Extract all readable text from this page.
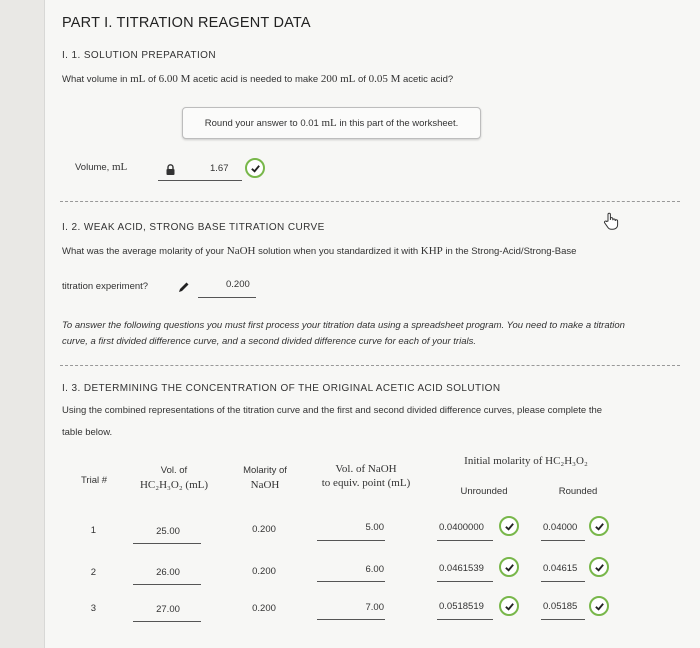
PART I. TITRATION REAGENT DATA
I. 1. SOLUTION PREPARATION
What volume in mL of 6.00 M acetic acid is needed to make 200 mL of 0.05 M acetic acid?
Round your answer to 0.01
mL
in this part of the worksheet.
Volume, mL	1.67
I. 2. WEAK ACID, STRONG BASE TITRATION CURVE
What was the average molarity of your NaOH solution when you standardized it with KHP in the Strong-Acid/Strong-Base
titration experiment?	0.200
To answer the following questions you must first process your titration data using a spreadsheet program. You need to make a titration
curve, a first divided difference curve, and a second divided difference curve for each of your trials.
I. 3. DETERMINING THE CONCENTRATION OF THE ORIGINAL ACETIC ACID SOLUTION
Using the combined representations of the titration curve and the first and second divided difference curves, please complete the
table below.
Trial #
Vol. of
HC₂H₃O₂ (mL)
Molarity of
NaOH
Vol. of NaOH
to equiv. point (mL)
Initial molarity of HC₂H₃O₂
Unrounded	Rounded
1	25.00	0.200	5.00	0.0400000	0.04000
2	26.00	0.200	6.00	0.0461539	0.04615
3	27.00	0.200	7.00	0.0518519	0.05185
